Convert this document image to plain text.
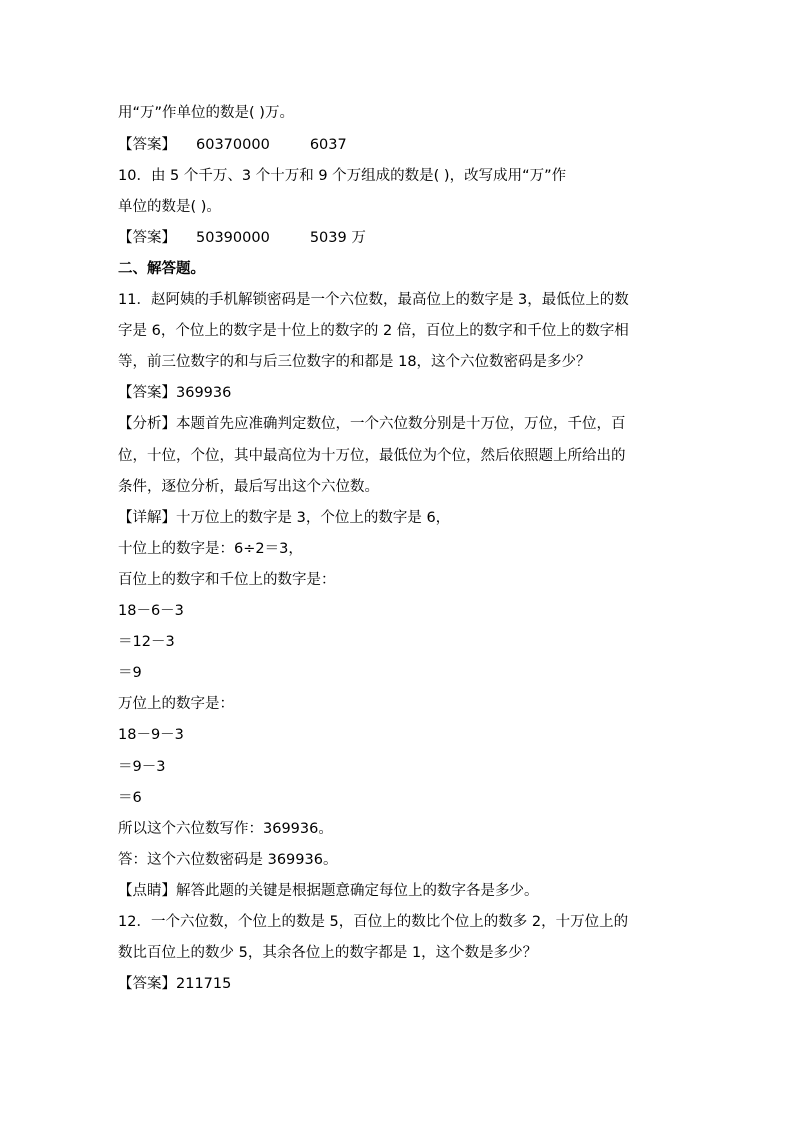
用“万”作单位的数是( )万。
【答案】 60370000	6037
10．由 5 个千万、3 个十万和 9 个万组成的数是( )，改写成用“万”作
单位的数是( )。
【答案】 50390000	5039 万
二、解答题。
11．赵阿姨的手机解锁密码是一个六位数，最高位上的数字是 3，最低位上的数
字是 6，个位上的数字是十位上的数字的 2 倍，百位上的数字和千位上的数字相
等，前三位数字的和与后三位数字的和都是 18，这个六位数密码是多少？
【答案】369936
【分析】本题首先应准确判定数位，一个六位数分别是十万位，万位，千位，百
位，十位，个位，其中最高位为十万位，最低位为个位，然后依照题上所给出的
条件，逐位分析，最后写出这个六位数。
【详解】十万位上的数字是 3，个位上的数字是 6，
十位上的数字是：6÷2＝3，
百位上的数字和千位上的数字是：
18－6－3
＝12－3
＝9
万位上的数字是：
18－9－3
＝9－3
＝6
所以这个六位数写作：369936。
答：这个六位数密码是 369936。
【点睛】解答此题的关键是根据题意确定每位上的数字各是多少。
12．一个六位数，个位上的数是 5，百位上的数比个位上的数多 2，十万位上的
数比百位上的数少 5，其余各位上的数字都是 1，这个数是多少？
【答案】211715
